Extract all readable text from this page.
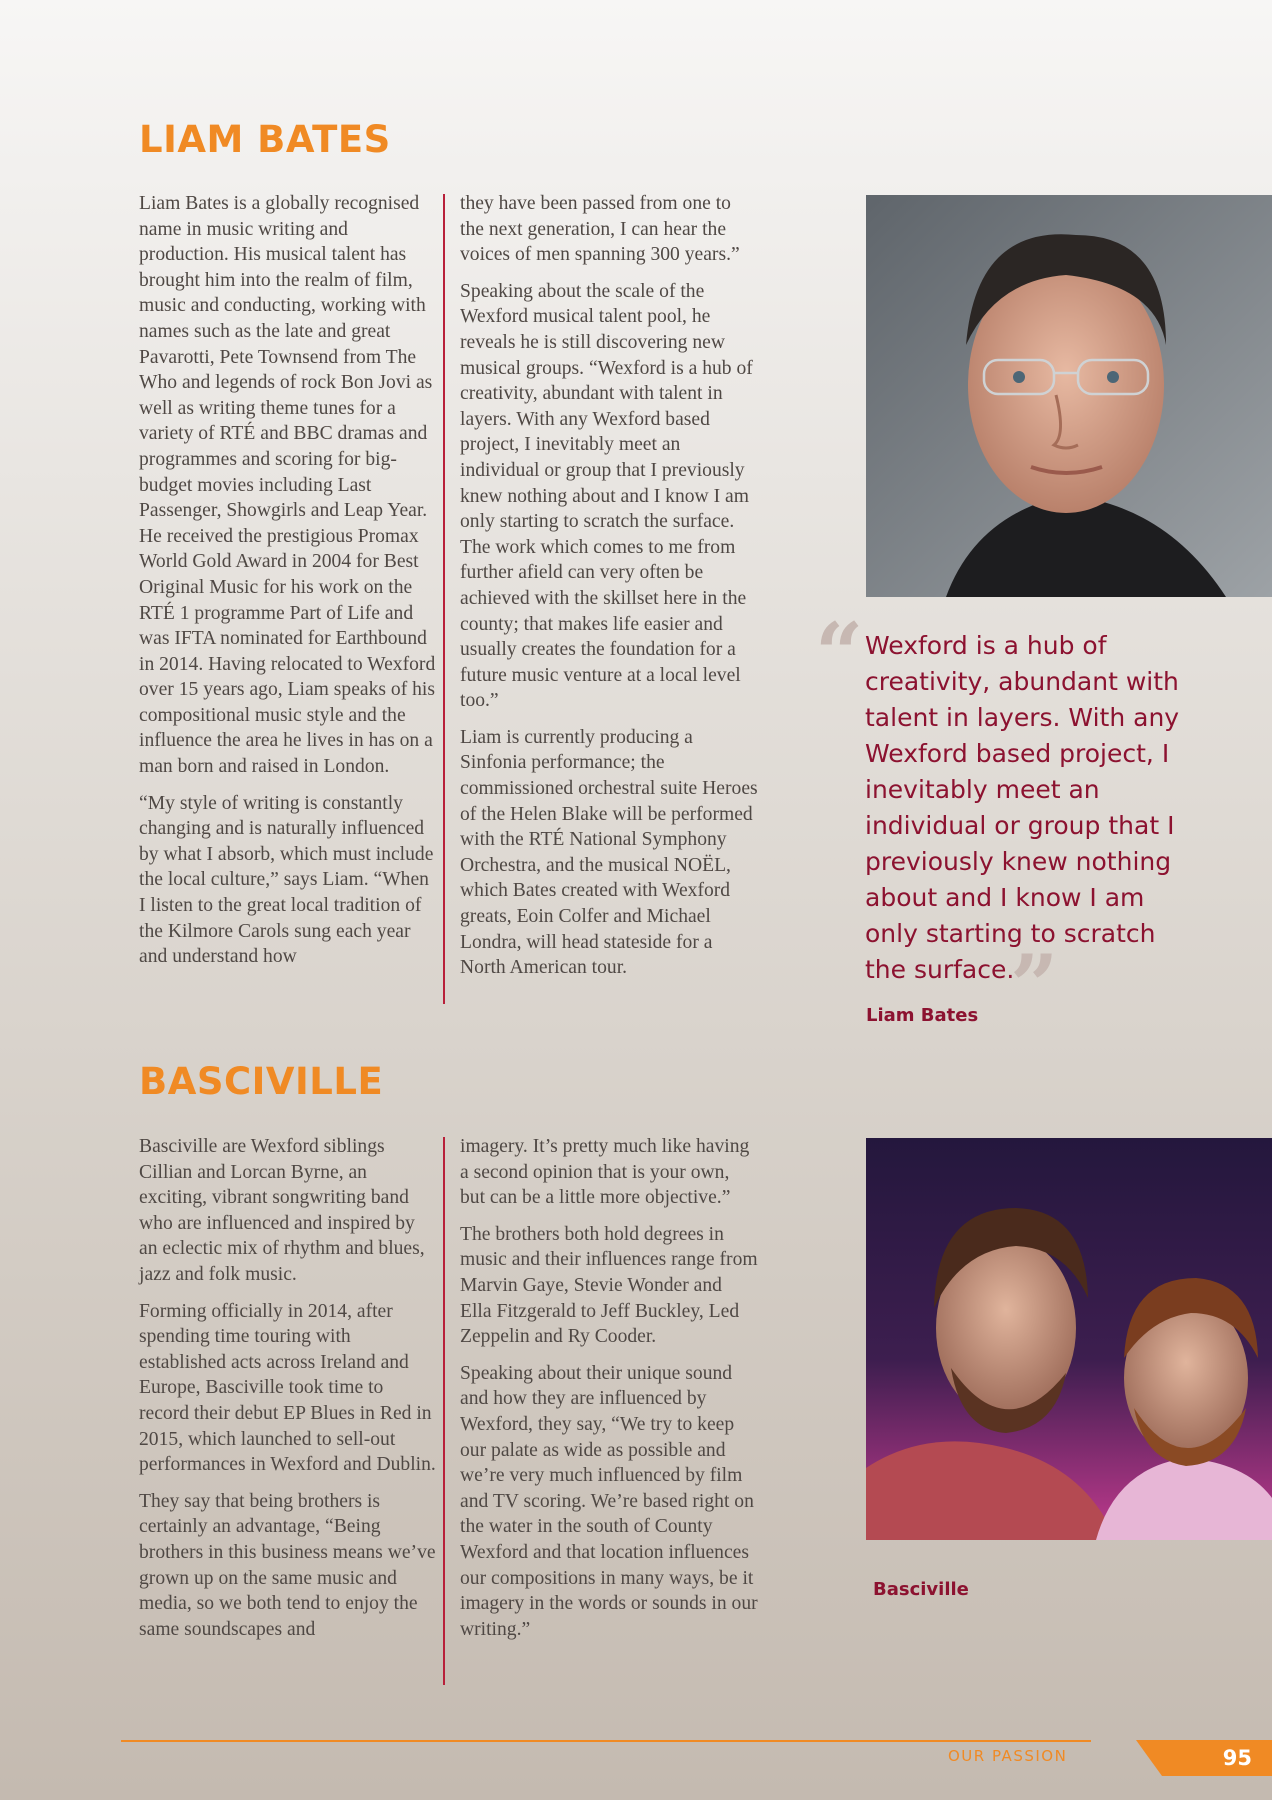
LIAM BATES

Liam Bates is a globally recognised name in music writing and production. His musical talent has brought him into the realm of film, music and conducting, working with names such as the late and great Pavarotti, Pete Townsend from The Who and legends of rock Bon Jovi as well as writing theme tunes for a variety of RTÉ and BBC dramas and programmes and scoring for big-budget movies including Last Passenger, Showgirls and Leap Year. He received the prestigious Promax World Gold Award in 2004 for Best Original Music for his work on the RTÉ 1 programme Part of Life and was IFTA nominated for Earthbound in 2014. Having relocated to Wexford over 15 years ago, Liam speaks of his compositional music style and the influence the area he lives in has on a man born and raised in London.

“My style of writing is constantly changing and is naturally influenced by what I absorb, which must include the local culture,” says Liam. “When I listen to the great local tradition of the Kilmore Carols sung each year and understand how

they have been passed from one to the next generation, I can hear the voices of men spanning 300 years.”

Speaking about the scale of the Wexford musical talent pool, he reveals he is still discovering new musical groups. “Wexford is a hub of creativity, abundant with talent in layers. With any Wexford based project, I inevitably meet an individual or group that I previously knew nothing about and I know I am only starting to scratch the surface. The work which comes to me from further afield can very often be achieved with the skillset here in the county; that makes life easier and usually creates the foundation for a future music venture at a local level too.”

Liam is currently producing a Sinfonia performance; the commissioned orchestral suite Heroes of the Helen Blake will be performed with the RTÉ National Symphony Orchestra, and the musical NOËL, which Bates created with Wexford greats, Eoin Colfer and Michael Londra, will head stateside for a North American tour.

“ Wexford is a hub of creativity, abundant with talent in layers. With any Wexford based project, I inevitably meet an individual or group that I previously knew nothing about and I know I am only starting to scratch the surface.
”
Liam Bates
BASCIVILLE

Basciville are Wexford siblings Cillian and Lorcan Byrne, an exciting, vibrant songwriting band who are influenced and inspired by an eclectic mix of rhythm and blues, jazz and folk music.

Forming officially in 2014, after spending time touring with established acts across Ireland and Europe, Basciville took time to record their debut EP Blues in Red in 2015, which launched to sell-out performances in Wexford and Dublin.

They say that being brothers is certainly an advantage, “Being brothers in this business means we’ve grown up on the same music and media, so we both tend to enjoy the same soundscapes and

imagery. It’s pretty much like having a second opinion that is your own, but can be a little more objective.”

The brothers both hold degrees in music and their influences range from Marvin Gaye, Stevie Wonder and Ella Fitzgerald to Jeff Buckley, Led Zeppelin and Ry Cooder.

Speaking about their unique sound and how they are influenced by Wexford, they say, “We try to keep our palate as wide as possible and we’re very much influenced by film and TV scoring. We’re based right on the water in the south of County Wexford and that location influences our compositions in many ways, be it imagery in the words or sounds in our writing.”

Basciville
OUR PASSION	95
